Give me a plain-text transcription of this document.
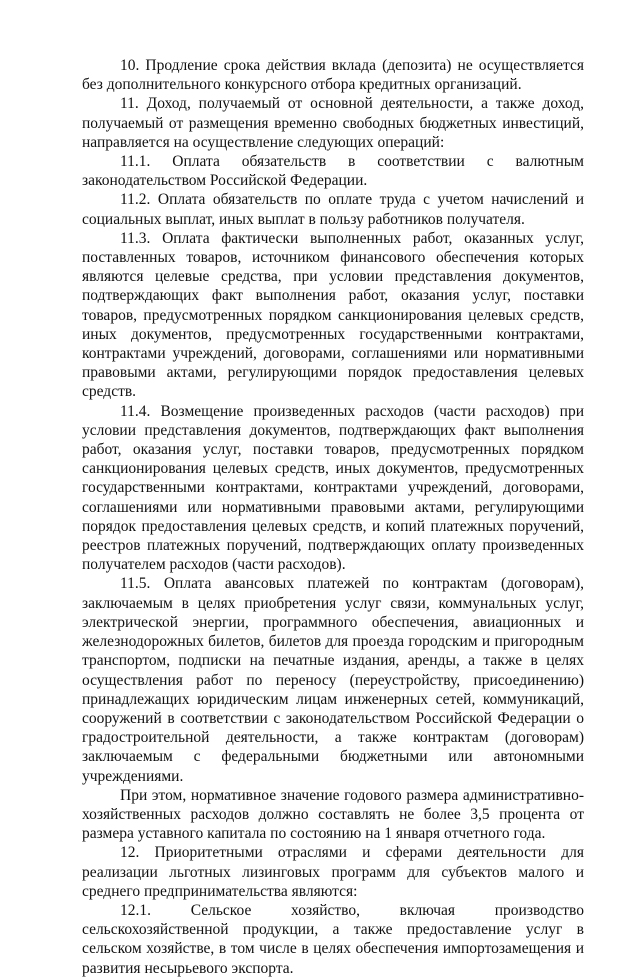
10. Продление срока действия вклада (депозита) не осуществляется без дополнительного конкурсного отбора кредитных организаций.

11. Доход, получаемый от основной деятельности, а также доход, получаемый от размещения временно свободных бюджетных инвестиций, направляется на осуществление следующих операций:

11.1. Оплата обязательств в соответствии с валютным законодательством Российской Федерации.

11.2. Оплата обязательств по оплате труда с учетом начислений и социальных выплат, иных выплат в пользу работников получателя.

11.3. Оплата фактически выполненных работ, оказанных услуг, поставленных товаров, источником финансового обеспечения которых являются целевые средства, при условии представления документов, подтверждающих факт выполнения работ, оказания услуг, поставки товаров, предусмотренных порядком санкционирования целевых средств, иных документов, предусмотренных государственными контрактами, контрактами учреждений, договорами, соглашениями или нормативными правовыми актами, регулирующими порядок предоставления целевых средств.

11.4. Возмещение произведенных расходов (части расходов) при условии представления документов, подтверждающих факт выполнения работ, оказания услуг, поставки товаров, предусмотренных порядком санкционирования целевых средств, иных документов, предусмотренных государственными контрактами, контрактами учреждений, договорами, соглашениями или нормативными правовыми актами, регулирующими порядок предоставления целевых средств, и копий платежных поручений, реестров платежных поручений, подтверждающих оплату произведенных получателем расходов (части расходов).

11.5. Оплата авансовых платежей по контрактам (договорам), заключаемым в целях приобретения услуг связи, коммунальных услуг, электрической энергии, программного обеспечения, авиационных и железнодорожных билетов, билетов для проезда городским и пригородным транспортом, подписки на печатные издания, аренды, а также в целях осуществления работ по переносу (переустройству, присоединению) принадлежащих юридическим лицам инженерных сетей, коммуникаций, сооружений в соответствии с законодательством Российской Федерации о градостроительной деятельности, а также контрактам (договорам) заключаемым с федеральными бюджетными или автономными учреждениями.

При этом, нормативное значение годового размера административно-хозяйственных расходов должно составлять не более 3,5 процента от размера уставного капитала по состоянию на 1 января отчетного года.

12. Приоритетными отраслями и сферами деятельности для реализации льготных лизинговых программ для субъектов малого и среднего предпринимательства являются:

12.1. Сельское хозяйство, включая производство сельскохозяйственной продукции, а также предоставление услуг в сельском хозяйстве, в том числе в целях обеспечения импортозамещения и развития несырьевого экспорта.
